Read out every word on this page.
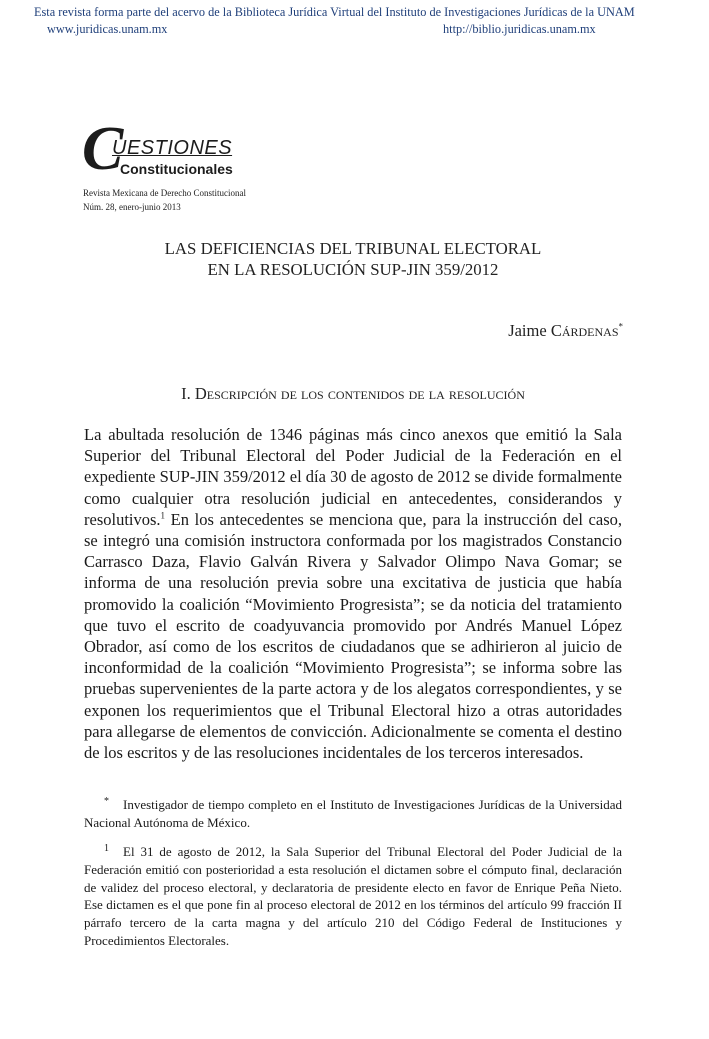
Esta revista forma parte del acervo de la Biblioteca Jurídica Virtual del Instituto de Investigaciones Jurídicas de la UNAM
www.juridicas.unam.mx	http://biblio.juridicas.unam.mx
C
UESTIONES
Constitucionales
Revista Mexicana de Derecho Constitucional
Núm. 28, enero-junio 2013
LAS DEFICIENCIAS DEL TRIBUNAL ELECTORAL
EN LA RESOLUCIÓN SUP-JIN 359/2012
Jaime Cárdenas*
I. Descripción de los contenidos de la resolución

La abultada resolución de 1346 páginas más cinco anexos que emitió la Sala Superior del Tribunal Electoral del Poder Judicial de la Federación en el expediente SUP-JIN 359/2012 el día 30 de agosto de 2012 se divide formalmente como cualquier otra resolución judicial en antecedentes, considerandos y resolutivos.$^1$ En los antecedentes se menciona que, para la instrucción del caso, se integró una comisión instructora conformada por los magistrados Constancio Carrasco Daza, Flavio Galván Rivera y Salvador Olimpo Nava Gomar; se informa de una resolución previa sobre una excitativa de justicia que había promovido la coalición “Movimiento Progresista”; se da noticia del tratamiento que tuvo el escrito de coadyuvancia promovido por Andrés Manuel López Obrador, así como de los escritos de ciudadanos que se adhirieron al juicio de inconformidad de la coalición “Movimiento Progresista”; se informa sobre las pruebas supervenientes de la parte actora y de los alegatos correspondientes, y se exponen los requerimientos que el Tribunal Electoral hizo a otras autoridades para allegarse de elementos de convicción. Adicionalmente se comenta el destino de los escritos y de las resoluciones incidentales de los terceros interesados.

* Investigador de tiempo completo en el Instituto de Investigaciones Jurídicas de la Universidad Nacional Autónoma de México.

$^1$ El 31 de agosto de 2012, la Sala Superior del Tribunal Electoral del Poder Judicial de la Federación emitió con posterioridad a esta resolución el dictamen sobre el cómputo final, declaración de validez del proceso electoral, y declaratoria de presidente electo en favor de Enrique Peña Nieto. Ese dictamen es el que pone fin al proceso electoral de 2012 en los términos del artículo 99 fracción II párrafo tercero de la carta magna y del artículo 210 del Código Federal de Instituciones y Procedimientos Electorales.
